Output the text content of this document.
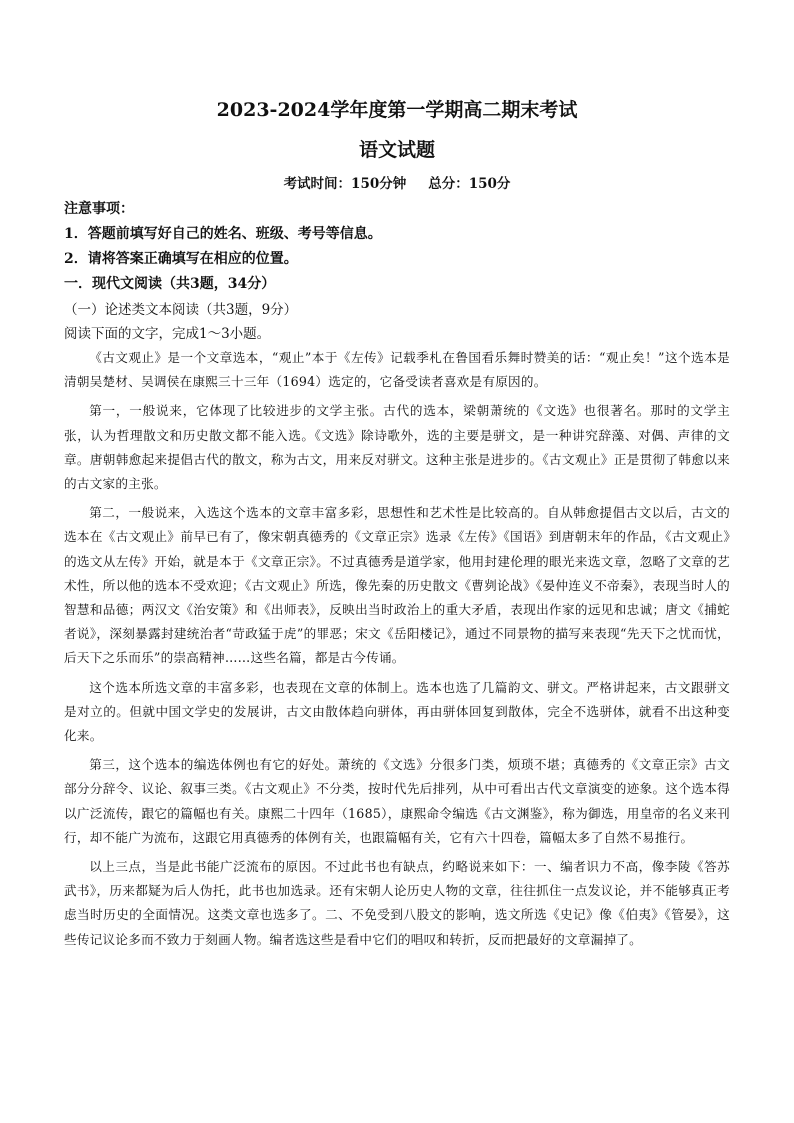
2023-2024学年度第一学期高二期末考试
语文试题

考试时间：150分钟 总分：150分

注意事项：

1．答题前填写好自己的姓名、班级、考号等信息。

2．请将答案正确填写在相应的位置。

一．现代文阅读（共3题，34分）

（一）论述类文本阅读（共3题，9分）

阅读下面的文字，完成1～3小题。

《古文观止》是一个文章选本，“观止”本于《左传》记载季札在鲁国看乐舞时赞美的话：“观止矣！”这个选本是清朝吴楚材、吴调侯在康熙三十三年（1694）选定的，它备受读者喜欢是有原因的。

第一，一般说来，它体现了比较进步的文学主张。古代的选本，梁朝萧统的《文选》也很著名。那时的文学主张，认为哲理散文和历史散文都不能入选。《文选》除诗歌外，选的主要是骈文，是一种讲究辞藻、对偶、声律的文章。唐朝韩愈起来提倡古代的散文，称为古文，用来反对骈文。这种主张是进步的。《古文观止》正是贯彻了韩愈以来的古文家的主张。

第二，一般说来，入选这个选本的文章丰富多彩，思想性和艺术性是比较高的。自从韩愈提倡古文以后，古文的选本在《古文观止》前早已有了，像宋朝真德秀的《文章正宗》选录《左传》《国语》到唐朝末年的作品，《古文观止》的选文从左传》开始，就是本于《文章正宗》。不过真德秀是道学家，他用封建伦理的眼光来选文章，忽略了文章的艺术性，所以他的选本不受欢迎；《古文观止》所选，像先秦的历史散文《曹刿论战》《晏仲连义不帝秦》，表现当时人的智慧和品德；两汉文《治安策》和《出师表》，反映出当时政治上的重大矛盾，表现出作家的远见和忠诚；唐文《捕蛇者说》，深刻暴露封建统治者“苛政猛于虎”的罪恶；宋文《岳阳楼记》，通过不同景物的描写来表现“先天下之忧而忧，后天下之乐而乐”的崇高精神……这些名篇，都是古今传诵。

这个选本所选文章的丰富多彩，也表现在文章的体制上。选本也选了几篇韵文、骈文。严格讲起来，古文跟骈文是对立的。但就中国文学史的发展讲，古文由散体趋向骈体，再由骈体回复到散体，完全不选骈体，就看不出这种变化来。

第三，这个选本的编选体例也有它的好处。萧统的《文选》分很多门类，烦琐不堪；真德秀的《文章正宗》古文部分分辞令、议论、叙事三类。《古文观止》不分类，按时代先后排列，从中可看出古代文章演变的迹象。这个选本得以广泛流传，跟它的篇幅也有关。康熙二十四年（1685），康熙命令编选《古文渊鉴》，称为御选，用皇帝的名义来刊行，却不能广为流布，这跟它用真德秀的体例有关，也跟篇幅有关，它有六十四卷，篇幅太多了自然不易推行。

以上三点，当是此书能广泛流布的原因。不过此书也有缺点，约略说来如下：一、编者识力不高，像李陵《答苏武书》，历来都疑为后人伪托，此书也加选录。还有宋朝人论历史人物的文章，往往抓住一点发议论，并不能够真正考虑当时历史的全面情况。这类文章也选多了。二、不免受到八股文的影响，选文所选《史记》像《伯夷》《管晏》，这些传记议论多而不致力于刻画人物。编者选这些是看中它们的唱叹和转折，反而把最好的文章漏掉了。
